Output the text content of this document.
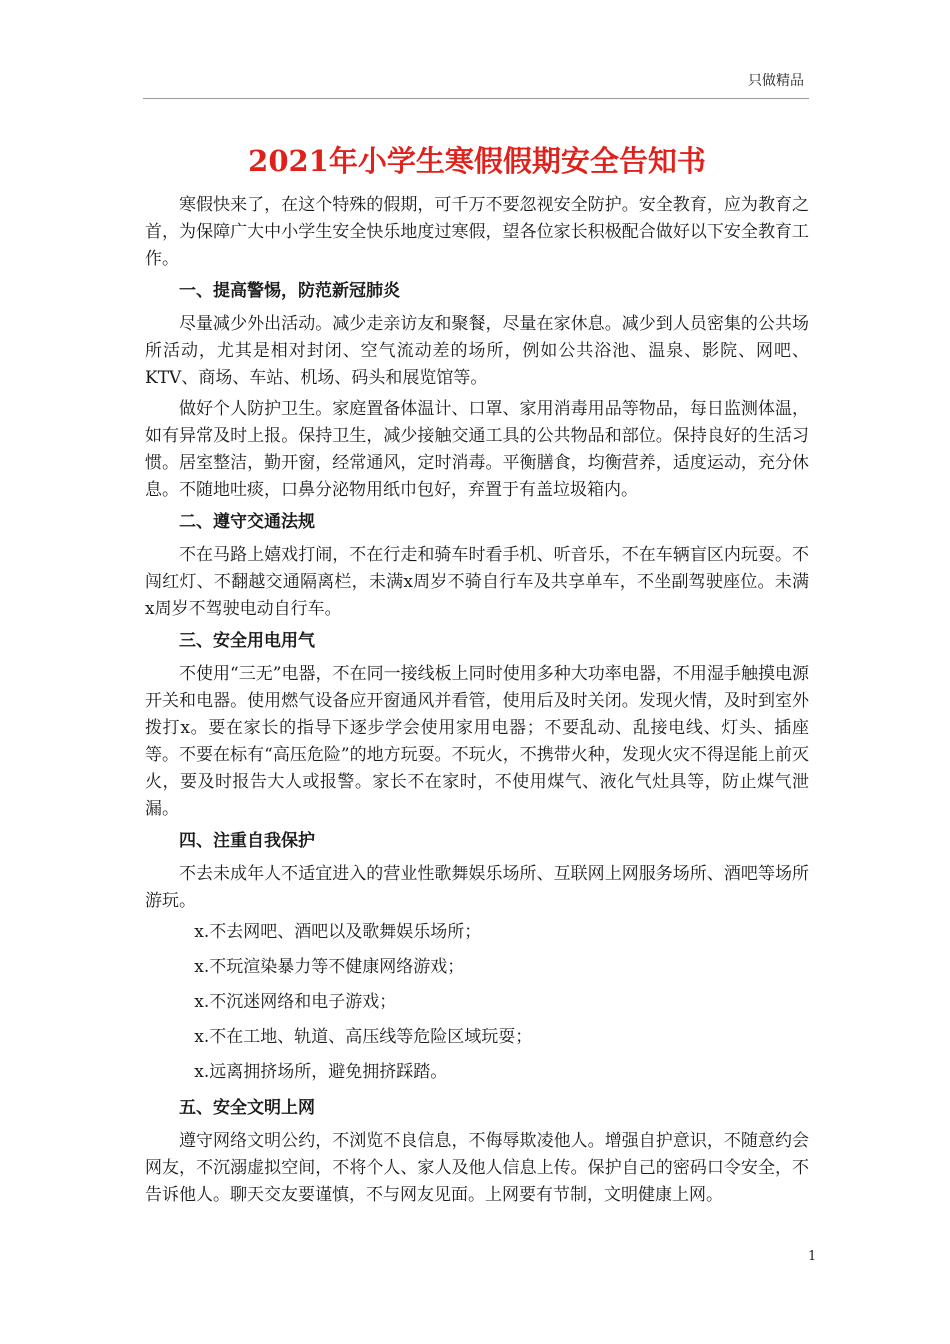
只做精品
2021年小学生寒假假期安全告知书

寒假快来了，在这个特殊的假期，可千万不要忽视安全防护。安全教育，应为教育之首，为保障广大中小学生安全快乐地度过寒假，望各位家长积极配合做好以下安全教育工作。

一、提高警惕，防范新冠肺炎

尽量减少外出活动。减少走亲访友和聚餐，尽量在家休息。减少到人员密集的公共场所活动，尤其是相对封闭、空气流动差的场所，例如公共浴池、温泉、影院、网吧、KTV、商场、车站、机场、码头和展览馆等。

做好个人防护卫生。家庭置备体温计、口罩、家用消毒用品等物品，每日监测体温，如有异常及时上报。保持卫生，减少接触交通工具的公共物品和部位。保持良好的生活习惯。居室整洁，勤开窗，经常通风，定时消毒。平衡膳食，均衡营养，适度运动，充分休息。不随地吐痰，口鼻分泌物用纸巾包好，弃置于有盖垃圾箱内。

二、遵守交通法规

不在马路上嬉戏打闹，不在行走和骑车时看手机、听音乐，不在车辆盲区内玩耍。不闯红灯、不翻越交通隔离栏，未满x周岁不骑自行车及共享单车，不坐副驾驶座位。未满x周岁不驾驶电动自行车。

三、安全用电用气

不使用“三无”电器，不在同一接线板上同时使用多种大功率电器，不用湿手触摸电源开关和电器。使用燃气设备应开窗通风并看管，使用后及时关闭。发现火情，及时到室外拨打x。要在家长的指导下逐步学会使用家用电器；不要乱动、乱接电线、灯头、插座等。不要在标有“高压危险”的地方玩耍。不玩火，不携带火种，发现火灾不得逞能上前灭火，要及时报告大人或报警。家长不在家时，不使用煤气、液化气灶具等，防止煤气泄漏。

四、注重自我保护

不去未成年人不适宜进入的营业性歌舞娱乐场所、互联网上网服务场所、酒吧等场所游玩。

x.不去网吧、酒吧以及歌舞娱乐场所；
x.不玩渲染暴力等不健康网络游戏；
x.不沉迷网络和电子游戏；
x.不在工地、轨道、高压线等危险区域玩耍；
x.远离拥挤场所，避免拥挤踩踏。
五、安全文明上网

遵守网络文明公约，不浏览不良信息，不侮辱欺凌他人。增强自护意识，不随意约会网友，不沉溺虚拟空间，不将个人、家人及他人信息上传。保护自己的密码口令安全，不告诉他人。聊天交友要谨慎，不与网友见面。上网要有节制，文明健康上网。

1
